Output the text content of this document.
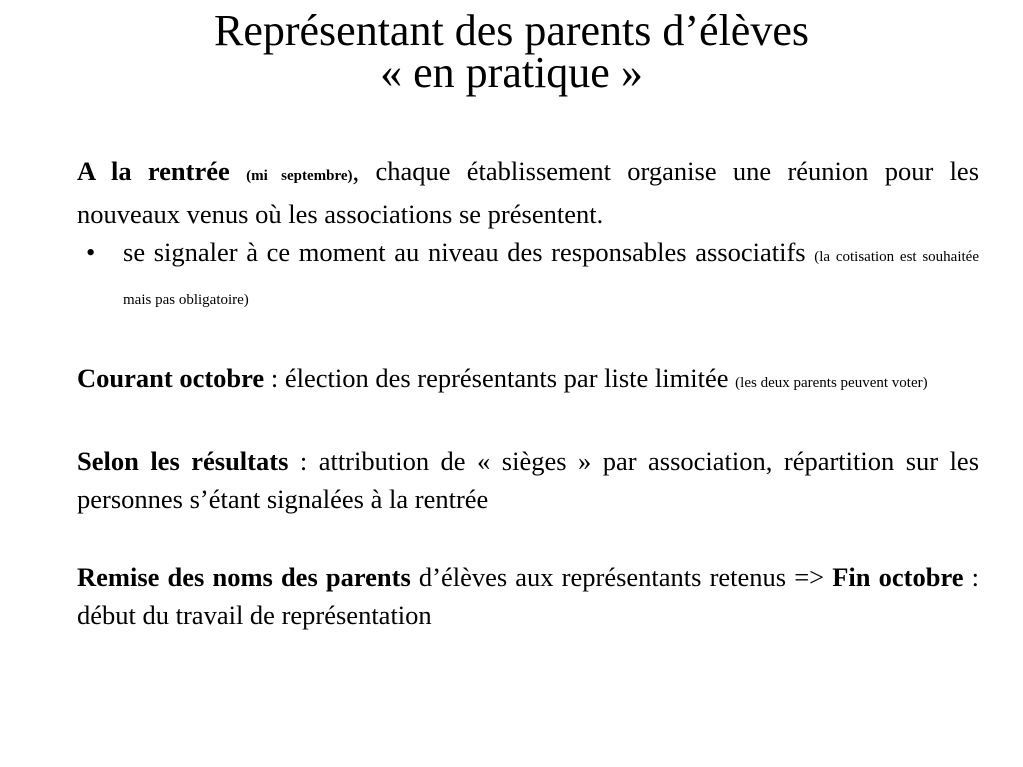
Représentant des parents d’élèves
« en pratique »

A la rentrée (mi septembre), chaque établissement organise une réunion pour les nouveaux venus où les associations se présentent.

• se signaler à ce moment au niveau des responsables associatifs (la cotisation est souhaitée mais pas obligatoire)

Courant octobre : élection des représentants par liste limitée (les deux parents peuvent voter)

Selon les résultats : attribution de « sièges » par association, répartition sur les personnes s’étant signalées à la rentrée

Remise des noms des parents d’élèves aux représentants retenus => Fin octobre : début du travail de représentation
